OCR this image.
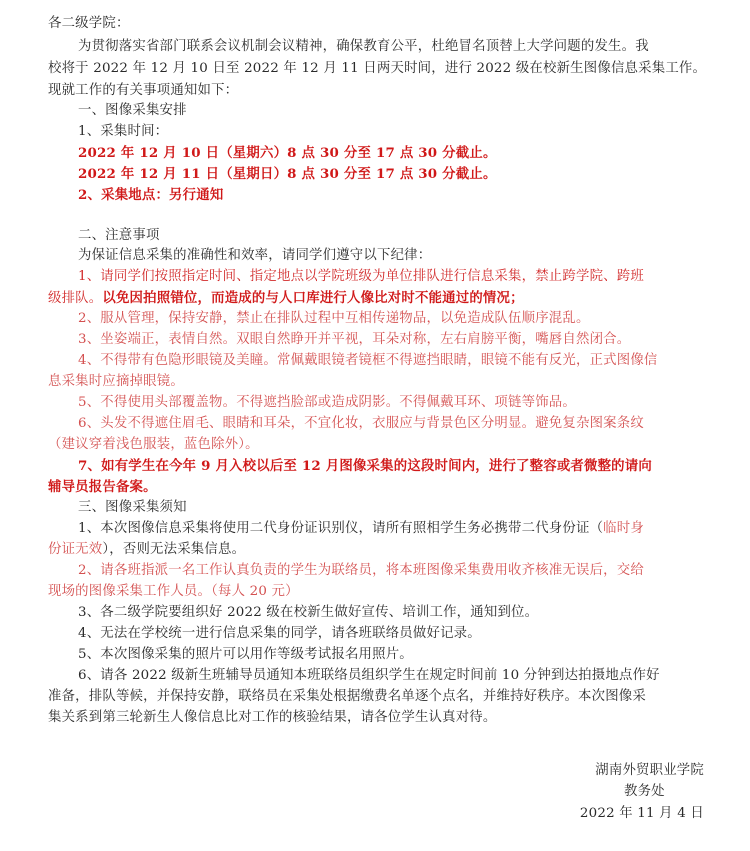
各二级学院：
为贯彻落实省部门联系会议机制会议精神，确保教育公平，杜绝冒名顶替上大学问题的发生。我
校将于 2022 年 12 月 10 日至 2022 年 12 月 11 日两天时间，进行 2022 级在校新生图像信息采集工作。
现就工作的有关事项通知如下：
一、图像采集安排
1、采集时间：
2022 年 12 月 10 日（星期六）8 点 30 分至 17 点 30 分截止。
2022 年 12 月 11 日（星期日）8 点 30 分至 17 点 30 分截止。
2、采集地点：另行通知
二、注意事项
为保证信息采集的准确性和效率，请同学们遵守以下纪律：
1、请同学们按照指定时间、指定地点以学院班级为单位排队进行信息采集，禁止跨学院、跨班
级排队。以免因拍照错位，而造成的与人口库进行人像比对时不能通过的情况；
2、服从管理，保持安静，禁止在排队过程中互相传递物品，以免造成队伍顺序混乱。
3、坐姿端正，表情自然。双眼自然睁开并平视，耳朵对称，左右肩膀平衡，嘴唇自然闭合。
4、不得带有色隐形眼镜及美瞳。常佩戴眼镜者镜框不得遮挡眼睛，眼镜不能有反光，正式图像信
息采集时应摘掉眼镜。
5、不得使用头部覆盖物。不得遮挡脸部或造成阴影。不得佩戴耳环、项链等饰品。
6、头发不得遮住眉毛、眼睛和耳朵，不宜化妆，衣服应与背景色区分明显。避免复杂图案条纹
（建议穿着浅色服装，蓝色除外）。
7、如有学生在今年 9 月入校以后至 12 月图像采集的这段时间内，进行了整容或者微整的请向
辅导员报告备案。
三、图像采集须知
1、本次图像信息采集将使用二代身份证识别仪，请所有照相学生务必携带二代身份证（临时身
份证无效），否则无法采集信息。
2、请各班指派一名工作认真负责的学生为联络员，将本班图像采集费用收齐核准无误后，交给
现场的图像采集工作人员。（每人 20 元）
3、各二级学院要组织好 2022 级在校新生做好宣传、培训工作，通知到位。
4、无法在学校统一进行信息采集的同学，请各班联络员做好记录。
5、本次图像采集的照片可以用作等级考试报名用照片。
6、请各 2022 级新生班辅导员通知本班联络员组织学生在规定时间前 10 分钟到达拍摄地点作好
准备，排队等候，并保持安静，联络员在采集处根据缴费名单逐个点名，并维持好秩序。本次图像采
集关系到第三轮新生人像信息比对工作的核验结果，请各位学生认真对待。
湖南外贸职业学院
教务处
2022 年 11 月 4 日
